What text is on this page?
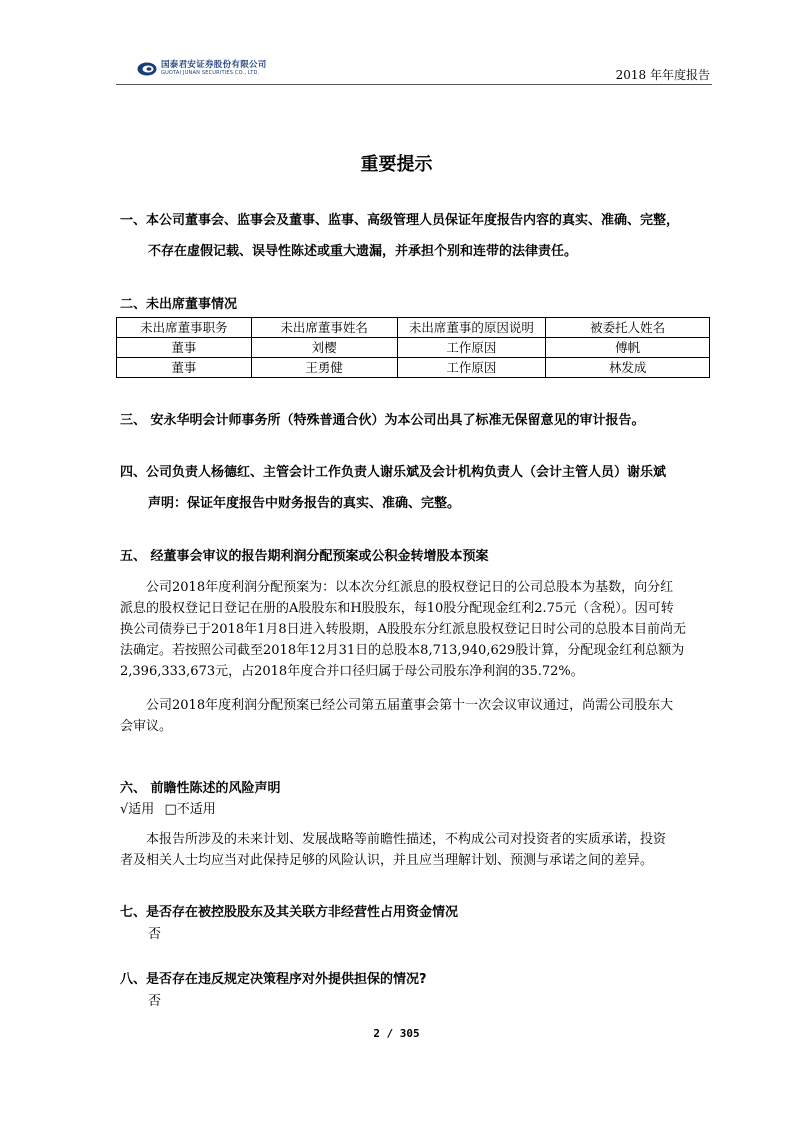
国泰君安证券股份有限公司
GUOTAI JUNAN SECURITIES CO., LTD.	2018 年年度报告
重要提示
一、本公司董事会、监事会及董事、监事、高级管理人员保证年度报告内容的真实、准确、完整，
不存在虚假记载、误导性陈述或重大遗漏，并承担个别和连带的法律责任。
二、未出席董事情况
未出席董事职务	未出席董事姓名	未出席董事的原因说明	被委托人姓名
董事	刘樱	工作原因	傅帆
董事	王勇健	工作原因	林发成
三、 安永华明会计师事务所（特殊普通合伙）为本公司出具了标准无保留意见的审计报告。
四、公司负责人杨德红、主管会计工作负责人谢乐斌及会计机构负责人（会计主管人员）谢乐斌
声明：保证年度报告中财务报告的真实、准确、完整。
五、 经董事会审议的报告期利润分配预案或公积金转增股本预案
公司2018年度利润分配预案为：以本次分红派息的股权登记日的公司总股本为基数，向分红
派息的股权登记日登记在册的A股股东和H股股东，每10股分配现金红利2.75元（含税）。因可转
换公司债券已于2018年1月8日进入转股期，A股股东分红派息股权登记日时公司的总股本目前尚无
法确定。若按照公司截至2018年12月31日的总股本8,713,940,629股计算，分配现金红利总额为
2,396,333,673元，占2018年度合并口径归属于母公司股东净利润的35.72%。
公司2018年度利润分配预案已经公司第五届董事会第十一次会议审议通过，尚需公司股东大
会审议。
六、 前瞻性陈述的风险声明
√适用 □不适用
本报告所涉及的未来计划、发展战略等前瞻性描述，不构成公司对投资者的实质承诺，投资
者及相关人士均应当对此保持足够的风险认识，并且应当理解计划、预测与承诺之间的差异。
七、是否存在被控股股东及其关联方非经营性占用资金情况
否
八、是否存在违反规定决策程序对外提供担保的情况?
否
2 / 305
